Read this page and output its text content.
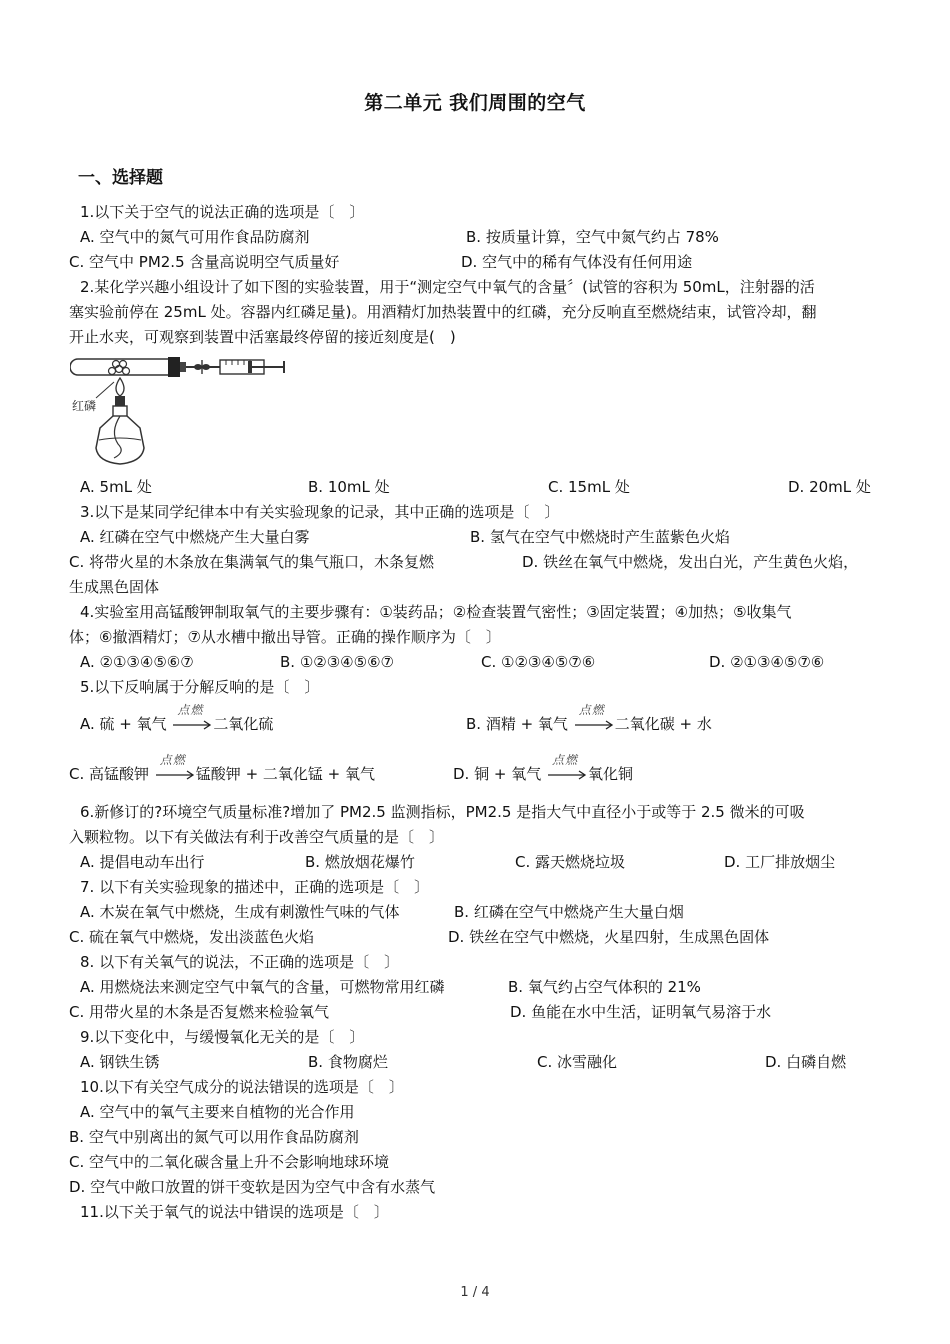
第二单元 我们周围的空气
一、选择题
1.以下关于空气的说法正确的选项是〔　〕
A. 空气中的氮气可用作食品防腐剂	B. 按质量计算，空气中氮气约占 78%
C. 空气中 PM2.5 含量高说明空气质量好	D. 空气中的稀有气体没有任何用途
2.某化学兴趣小组设计了如下图的实验装置，用于“测定空气中氧气的含量〞(试管的容积为 50mL，注射器的活
塞实验前停在 25mL 处。容器内红磷足量)。用酒精灯加热装置中的红磷，充分反响直至燃烧结束，试管冷却，翻
开止水夹，可观察到装置中活塞最终停留的接近刻度是(　)
红磷
A. 5mL 处	B. 10mL 处	C. 15mL 处	D. 20mL 处
3.以下是某同学纪律本中有关实验现象的记录，其中正确的选项是〔　〕
A. 红磷在空气中燃烧产生大量白雾	B. 氢气在空气中燃烧时产生蓝紫色火焰
C. 将带火星的木条放在集满氧气的集气瓶口，木条复燃	D. 铁丝在氧气中燃烧，发出白光，产生黄色火焰，
生成黑色固体
4.实验室用高锰酸钾制取氧气的主要步骤有：①装药品；②检查装置气密性；③固定装置；④加热；⑤收集气
体；⑥撤酒精灯；⑦从水槽中撤出导管。正确的操作顺序为〔　〕
A. ②①③④⑤⑥⑦	B. ①②③④⑤⑥⑦	C. ①②③④⑤⑦⑥	D. ②①③④⑤⑦⑥
5.以下反响属于分解反响的是〔　〕
A. 硫 + 氧气
点燃
二氧化硫	B. 酒精 + 氧气
点燃
二氧化碳 + 水
C. 高锰酸钾
点燃
锰酸钾 + 二氧化锰 + 氧气	D. 铜 + 氧气
点燃
氧化铜
6.新修订的?环境空气质量标准?增加了 PM2.5 监测指标，PM2.5 是指大气中直径小于或等于 2.5 微米的可吸
入颗粒物。以下有关做法有利于改善空气质量的是〔　〕
A. 提倡电动车出行	B. 燃放烟花爆竹	C. 露天燃烧垃圾	D. 工厂排放烟尘
7. 以下有关实验现象的描述中，正确的选项是〔　〕
A. 木炭在氧气中燃烧，生成有刺激性气味的气体	B. 红磷在空气中燃烧产生大量白烟
C. 硫在氧气中燃烧，发出淡蓝色火焰	D. 铁丝在空气中燃烧，火星四射，生成黑色固体
8. 以下有关氧气的说法，不正确的选项是〔　〕
A. 用燃烧法来测定空气中氧气的含量，可燃物常用红磷	B. 氧气约占空气体积的 21%
C. 用带火星的木条是否复燃来检验氧气	D. 鱼能在水中生活，证明氧气易溶于水
9.以下变化中，与缓慢氧化无关的是〔　〕
A. 钢铁生锈	B. 食物腐烂	C. 冰雪融化	D. 白磷自燃
10.以下有关空气成分的说法错误的选项是〔　〕
A. 空气中的氧气主要来自植物的光合作用
B. 空气中别离出的氮气可以用作食品防腐剂
C. 空气中的二氧化碳含量上升不会影响地球环境
D. 空气中敞口放置的饼干变软是因为空气中含有水蒸气
11.以下关于氧气的说法中错误的选项是〔　〕
1 / 4
